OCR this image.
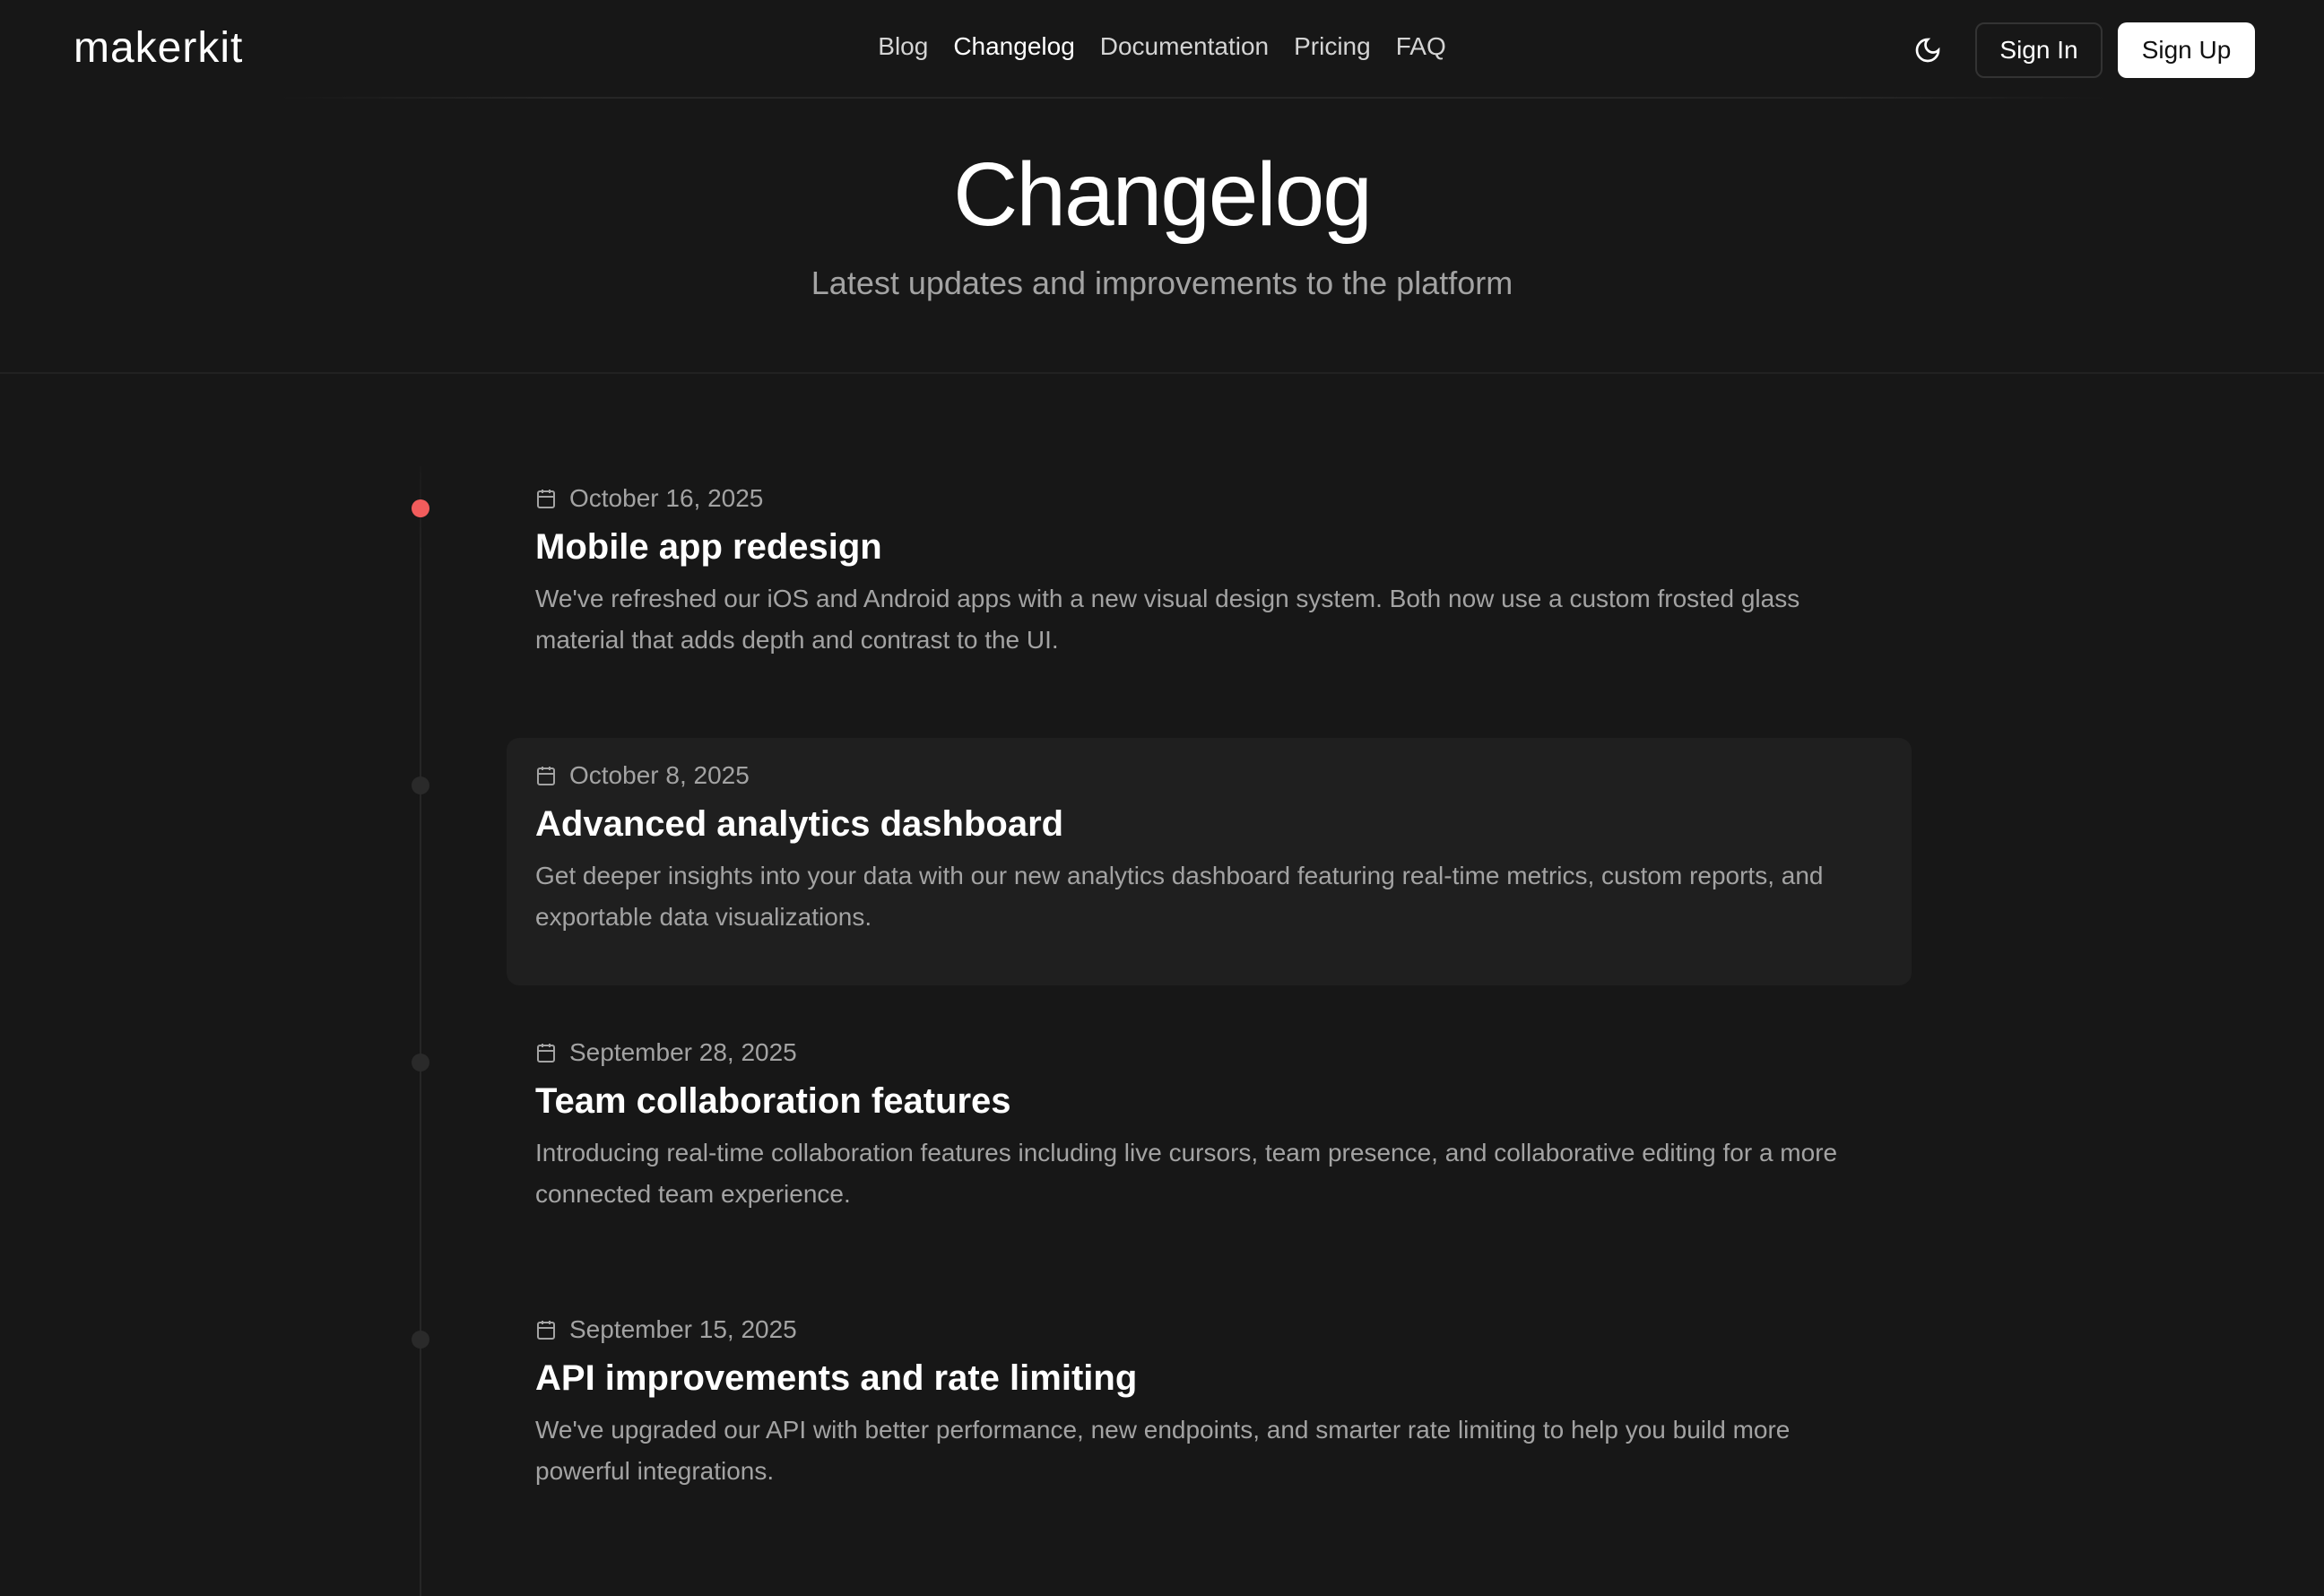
makerkit	Blog Changelog Documentation Pricing FAQ	Sign In	Sign Up
Changelog

Latest updates and improvements to the platform

October 16, 2025
Mobile app redesign
We've refreshed our iOS and Android apps with a new visual design system. Both now use a custom frosted glass material that adds depth and contrast to the UI.
October 8, 2025
Advanced analytics dashboard
Get deeper insights into your data with our new analytics dashboard featuring real-time metrics, custom reports, and exportable data visualizations.
September 28, 2025
Team collaboration features
Introducing real-time collaboration features including live cursors, team presence, and collaborative editing for a more connected team experience.
September 15, 2025
API improvements and rate limiting
We've upgraded our API with better performance, new endpoints, and smarter rate limiting to help you build more powerful integrations.
